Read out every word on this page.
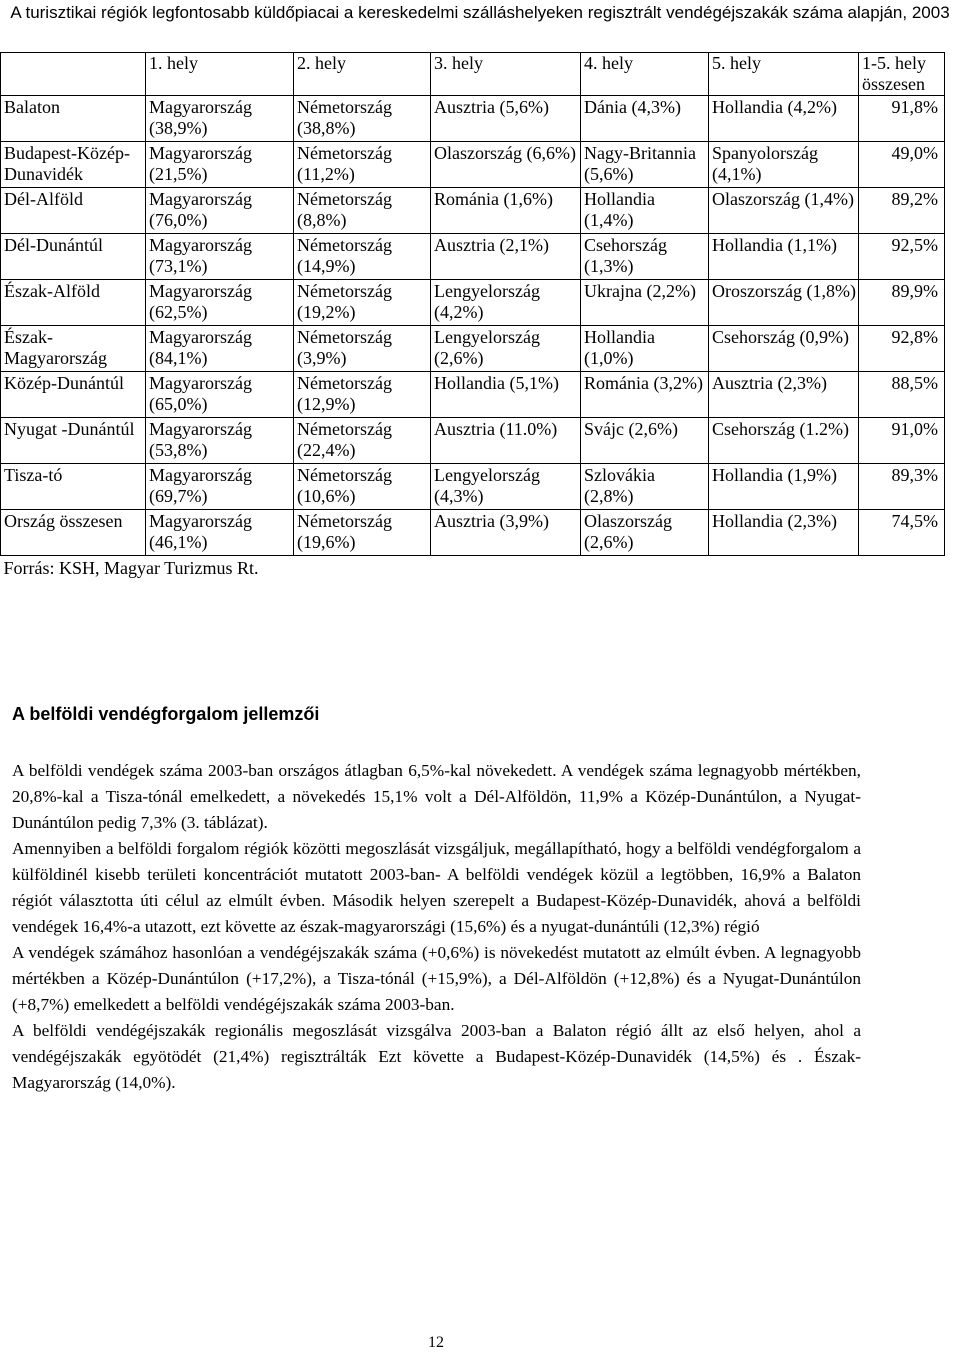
A turisztikai régiók legfontosabb küldőpiacai a kereskedelmi szálláshelyeken regisztrált vendégéjszakák száma alapján, 2003
	1. hely	2. hely	3. hely	4. hely	5. hely	1-5. hely összesen
Balaton	Magyarország (38,9%)	Németország (38,8%)	Ausztria (5,6%)	Dánia (4,3%)	Hollandia (4,2%)	91,8%
Budapest-Közép-Dunavidék	Magyarország (21,5%)	Németország (11,2%)	Olaszország (6,6%)	Nagy-Britannia (5,6%)	Spanyolország (4,1%)	49,0%
Dél-Alföld	Magyarország (76,0%)	Németország (8,8%)	Románia (1,6%)	Hollandia (1,4%)	Olaszország (1,4%)	89,2%
Dél-Dunántúl	Magyarország (73,1%)	Németország (14,9%)	Ausztria (2,1%)	Csehország (1,3%)	Hollandia (1,1%)	92,5%
Észak-Alföld	Magyarország (62,5%)	Németország (19,2%)	Lengyelország (4,2%)	Ukrajna (2,2%)	Oroszország (1,8%)	89,9%
Észak-Magyarország	Magyarország (84,1%)	Németország (3,9%)	Lengyelország (2,6%)	Hollandia (1,0%)	Csehország (0,9%)	92,8%
Közép-Dunántúl	Magyarország (65,0%)	Németország (12,9%)	Hollandia (5,1%)	Románia (3,2%)	Ausztria (2,3%)	88,5%
Nyugat -Dunántúl	Magyarország (53,8%)	Németország (22,4%)	Ausztria (11.0%)	Svájc (2,6%)	Csehország (1.2%)	91,0%
Tisza-tó	Magyarország (69,7%)	Németország (10,6%)	Lengyelország (4,3%)	Szlovákia (2,8%)	Hollandia (1,9%)	89,3%
Ország összesen	Magyarország (46,1%)	Németország (19,6%)	Ausztria (3,9%)	Olaszország (2,6%)	Hollandia (2,3%)	74,5%
Forrás: KSH, Magyar Turizmus Rt.						
A belföldi vendégforgalom jellemzői

A belföldi vendégek száma 2003-ban országos átlagban 6,5%-kal növekedett. A vendégek száma legnagyobb mértékben, 20,8%-kal a Tisza-tónál emelkedett, a növekedés 15,1% volt a Dél-Alföldön, 11,9% a Közép-Dunántúlon, a Nyugat-Dunántúlon pedig 7,3% (3. táblázat).

Amennyiben a belföldi forgalom régiók közötti megoszlását vizsgáljuk, megállapítható, hogy a belföldi vendégforgalom a külföldinél kisebb területi koncentrációt mutatott 2003-ban- A belföldi vendégek közül a legtöbben, 16,9% a Balaton régiót választotta úti célul az elmúlt évben. Második helyen szerepelt a Budapest-Közép-Dunavidék, ahová a belföldi vendégek 16,4%-a utazott, ezt követte az észak-magyarországi (15,6%) és a nyugat-dunántúli (12,3%) régió

A vendégek számához hasonlóan a vendégéjszakák száma (+0,6%) is növekedést mutatott az elmúlt évben. A legnagyobb mértékben a Közép-Dunántúlon (+17,2%), a Tisza-tónál (+15,9%), a Dél-Alföldön (+12,8%) és a Nyugat-Dunántúlon (+8,7%) emelkedett a belföldi vendégéjszakák száma 2003-ban.

A belföldi vendégéjszakák regionális megoszlását vizsgálva 2003-ban a Balaton régió állt az első helyen, ahol a vendégéjszakák egyötödét (21,4%) regisztrálták Ezt követte a Budapest-Közép-Dunavidék (14,5%) és . Észak-Magyarország (14,0%).

12
